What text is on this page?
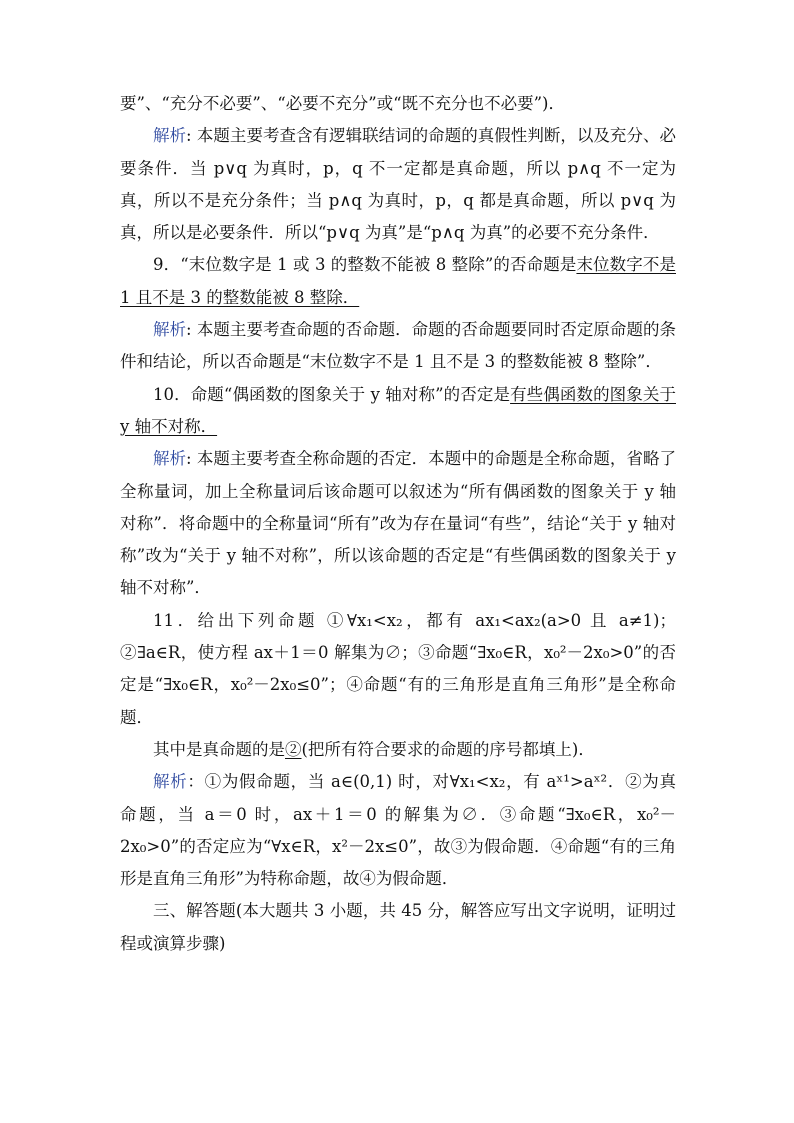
要”、“充分不必要”、“必要不充分”或“既不充分也不必要”)．

解析: 本题主要考查含有逻辑联结词的命题的真假性判断，以及充分、必要条件．当 p∨q 为真时，p，q 不一定都是真命题，所以 p∧q 不一定为真，所以不是充分条件；当 p∧q 为真时，p，q 都是真命题，所以 p∨q 为真，所以是必要条件．所以“p∨q 为真”是“p∧q 为真”的必要不充分条件．

9．“末位数字是 1 或 3 的整数不能被 8 整除”的否命题是末位数字不是 1 且不是 3 的整数能被 8 整除．

解析: 本题主要考查命题的否命题．命题的否命题要同时否定原命题的条件和结论，所以否命题是“末位数字不是 1 且不是 3 的整数能被 8 整除”．

10．命题“偶函数的图象关于 y 轴对称”的否定是有些偶函数的图象关于 y 轴不对称．

解析: 本题主要考查全称命题的否定．本题中的命题是全称命题，省略了全称量词，加上全称量词后该命题可以叙述为“所有偶函数的图象关于 y 轴对称”．将命题中的全称量词“所有”改为存在量词“有些”，结论“关于 y 轴对称”改为“关于 y 轴不对称”，所以该命题的否定是“有些偶函数的图象关于 y 轴不对称”．

11．给出下列命题 ①∀x₁<x₂，都有 ax₁<ax₂(a>0 且 a≠1)；②∃a∈R，使方程 ax＋1＝0 解集为∅；③命题“∃x₀∈R，x₀²－2x₀>0”的否定是“∃x₀∈R，x₀²－2x₀≤0”；④命题“有的三角形是直角三角形”是全称命题．

其中是真命题的是②(把所有符合要求的命题的序号都填上)．

解析：①为假命题，当 a∈(0,1) 时，对∀x₁<x₂，有 aˣ¹>aˣ²．②为真命题，当 a＝0 时，ax＋1＝0 的解集为∅．③命题“∃x₀∈R，x₀²－2x₀>0”的否定应为“∀x∈R，x²－2x≤0”，故③为假命题．④命题“有的三角形是直角三角形”为特称命题，故④为假命题．

三、解答题(本大题共 3 小题，共 45 分，解答应写出文字说明，证明过程或演算步骤)
